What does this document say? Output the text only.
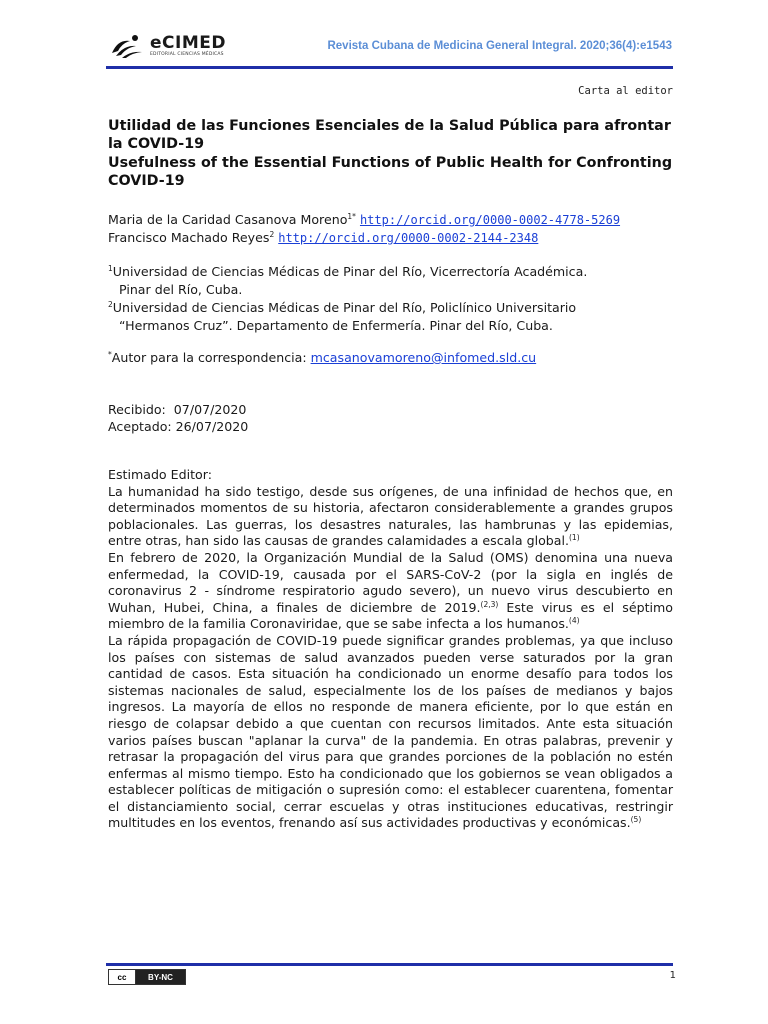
eCIMED
EDITORIAL CIENCIAS MÉDICAS
Revista Cubana de Medicina General Integral. 2020;36(4):e1543
Carta al editor
Utilidad de las Funciones Esenciales de la Salud Pública para afrontar la COVID-19
Usefulness of the Essential Functions of Public Health for Confronting COVID-19
Maria de la Caridad Casanova Moreno$^{1*}$ http://orcid.org/0000-0002-4778-5269
Francisco Machado Reyes$^2$ http://orcid.org/0000-0002-2144-2348

$^1$Universidad de Ciencias Médicas de Pinar del Río, Vicerrectoría Académica.

Pinar del Río, Cuba.

$^2$Universidad de Ciencias Médicas de Pinar del Río, Policlínico Universitario

“Hermanos Cruz”. Departamento de Enfermería. Pinar del Río, Cuba.

*Autor para la correspondencia: mcasanovamoreno@infomed.sld.cu
Recibido:  07/07/2020
Aceptado: 26/07/2020

Estimado Editor:

La humanidad ha sido testigo, desde sus orígenes, de una infinidad de hechos que, en determinados momentos de su historia, afectaron considerablemente a grandes grupos poblacionales. Las guerras, los desastres naturales, las hambrunas y las epidemias, entre otras, han sido las causas de grandes calamidades a escala global.$^{(1)}$

En febrero de 2020, la Organización Mundial de la Salud (OMS) denomina una nueva enfermedad, la COVID-19, causada por el SARS-CoV-2 (por la sigla en inglés de coronavirus 2 - síndrome respiratorio agudo severo), un nuevo virus descubierto en Wuhan, Hubei, China, a finales de diciembre de 2019.$^{(2,3)}$ Este virus es el séptimo miembro de la familia Coronaviridae, que se sabe infecta a los humanos.$^{(4)}$

La rápida propagación de COVID-19 puede significar grandes problemas, ya que incluso los países con sistemas de salud avanzados pueden verse saturados por la gran cantidad de casos. Esta situación ha condicionado un enorme desafío para todos los sistemas nacionales de salud, especialmente los de los países de medianos y bajos ingresos. La mayoría de ellos no responde de manera eficiente, por lo que están en riesgo de colapsar debido a que cuentan con recursos limitados. Ante esta situación varios países buscan "aplanar la curva" de la pandemia. En otras palabras, prevenir y retrasar la propagación del virus para que grandes porciones de la población no estén enfermas al mismo tiempo. Esto ha condicionado que los gobiernos se vean obligados a establecer políticas de mitigación o supresión como: el establecer cuarentena, fomentar el distanciamiento social, cerrar escuelas y otras instituciones educativas, restringir multitudes en los eventos, frenando así sus actividades productivas y económicas.$^{(5)}$

cc	BY-NC	1
